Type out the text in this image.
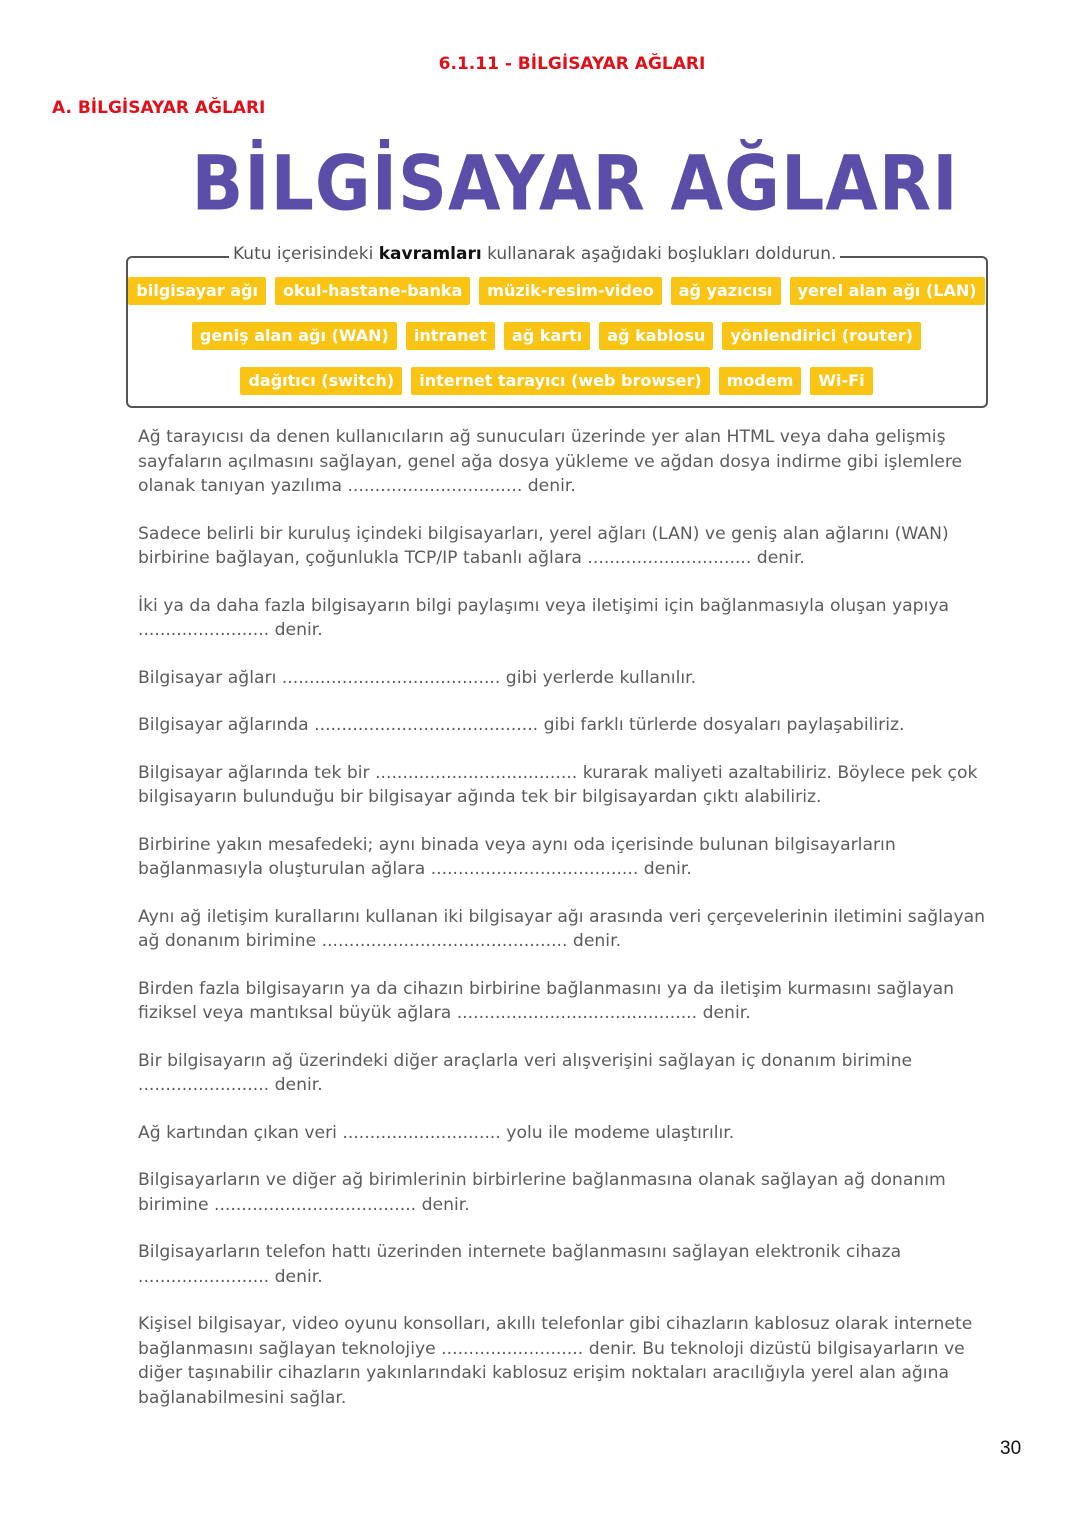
6.1.11 - BİLGİSAYAR AĞLARI
A. BİLGİSAYAR AĞLARI
BİLGİSAYAR AĞLARI
Kutu içerisindeki kavramları kullanarak aşağıdaki boşlukları doldurun.
bilgisayar ağı	okul-hastane-banka	müzik-resim-video	ağ yazıcısı	yerel alan ağı (LAN)
geniş alan ağı (WAN)	intranet	ağ kartı	ağ kablosu	yönlendirici (router)
dağıtıcı (switch)	internet tarayıcı (web browser)	modem	Wi-Fi

Ağ tarayıcısı da denen kullanıcıların ağ sunucuları üzerinde yer alan HTML veya daha gelişmiş sayfaların açılmasını sağlayan, genel ağa dosya yükleme ve ağdan dosya indirme gibi işlemlere olanak tanıyan yazılıma ................................ denir.

Sadece belirli bir kuruluş içindeki bilgisayarları, yerel ağları (LAN) ve geniş alan ağlarını (WAN) birbirine bağlayan, çoğunlukla TCP/IP tabanlı ağlara .............................. denir.

İki ya da daha fazla bilgisayarın bilgi paylaşımı veya iletişimi için bağlanmasıyla oluşan yapıya ........................ denir.

Bilgisayar ağları ........................................ gibi yerlerde kullanılır.

Bilgisayar ağlarında ......................................... gibi farklı türlerde dosyaları paylaşabiliriz.

Bilgisayar ağlarında tek bir ..................................... kurarak maliyeti azaltabiliriz. Böylece pek çok bilgisayarın bulunduğu bir bilgisayar ağında tek bir bilgisayardan çıktı alabiliriz.

Birbirine yakın mesafedeki; aynı binada veya aynı oda içerisinde bulunan bilgisayarların bağlanmasıyla oluşturulan ağlara ...................................... denir.

Aynı ağ iletişim kurallarını kullanan iki bilgisayar ağı arasında veri çerçevelerinin iletimini sağlayan ağ donanım birimine ............................................. denir.

Birden fazla bilgisayarın ya da cihazın birbirine bağlanmasını ya da iletişim kurmasını sağlayan fiziksel veya mantıksal büyük ağlara ............................................ denir.

Bir bilgisayarın ağ üzerindeki diğer araçlarla veri alışverişini sağlayan iç donanım birimine ........................ denir.

Ağ kartından çıkan veri ............................. yolu ile modeme ulaştırılır.

Bilgisayarların ve diğer ağ birimlerinin birbirlerine bağlanmasına olanak sağlayan ağ donanım birimine ..................................... denir.

Bilgisayarların telefon hattı üzerinden internete bağlanmasını sağlayan elektronik cihaza ........................ denir.

Kişisel bilgisayar, video oyunu konsolları, akıllı telefonlar gibi cihazların kablosuz olarak internete bağlanmasını sağlayan teknolojiye .......................... denir. Bu teknoloji dizüstü bilgisayarların ve diğer taşınabilir cihazların yakınlarındaki kablosuz erişim noktaları aracılığıyla yerel alan ağına bağlanabilmesini sağlar.

30
